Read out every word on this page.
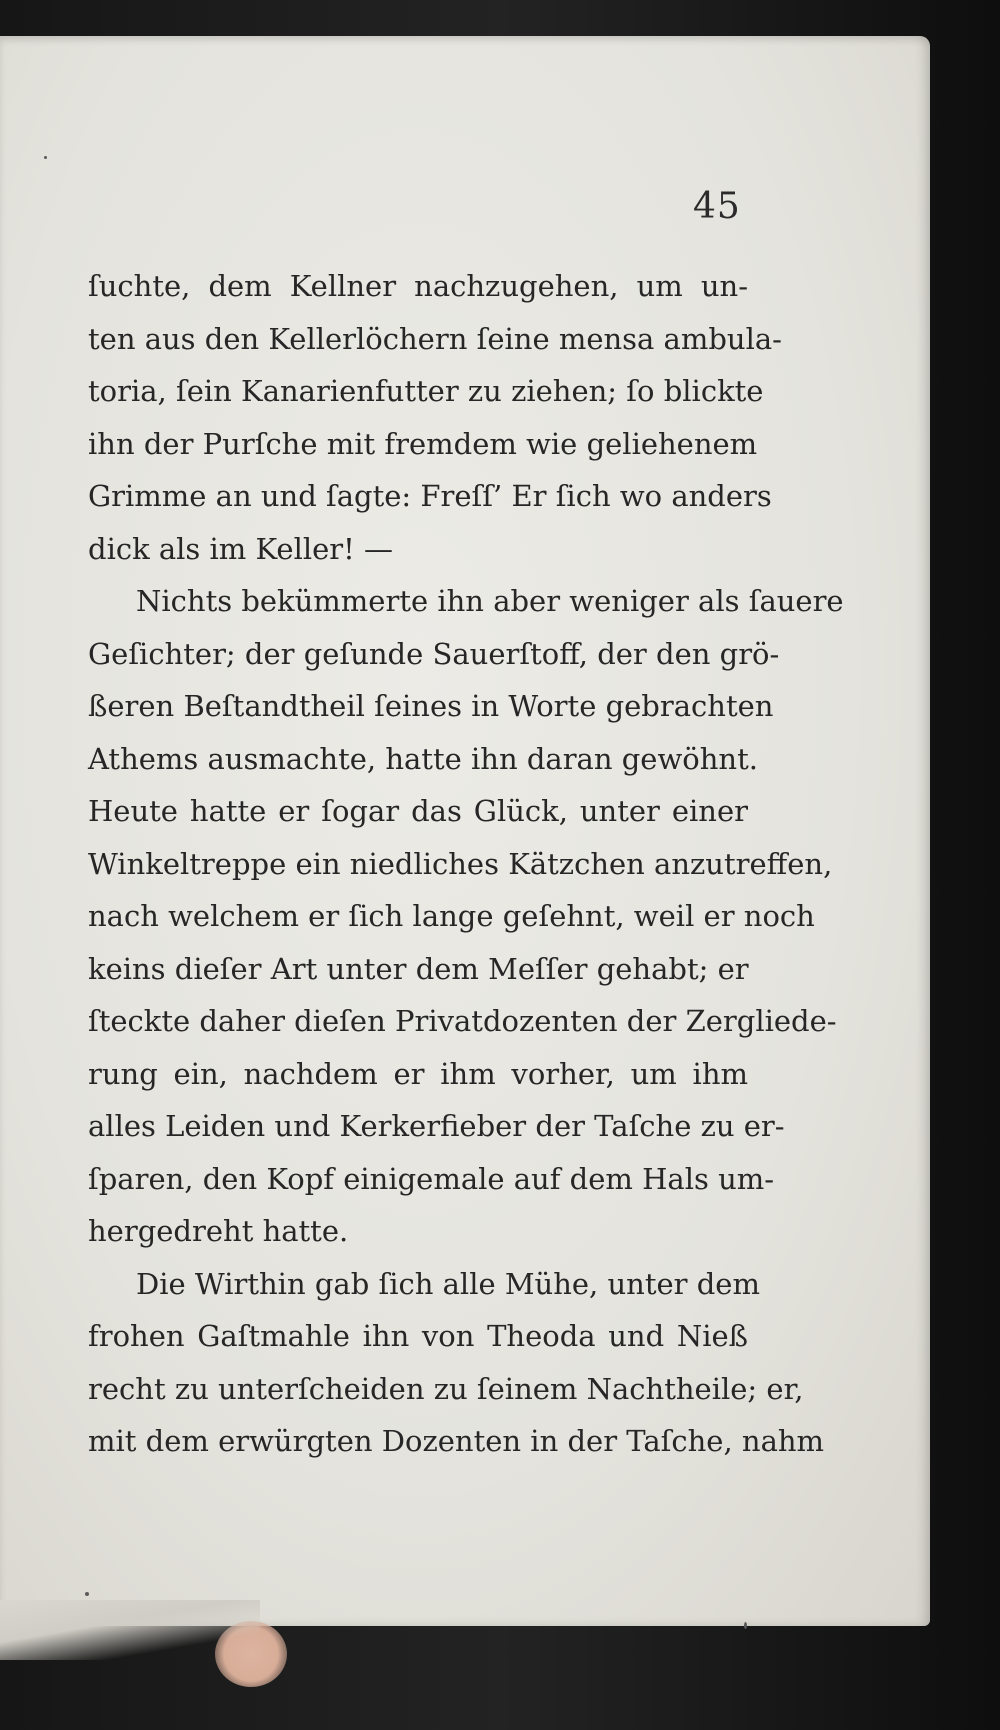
45
ſuchte, dem Kellner nachzugehen, um un-
ten aus den Kellerlöchern ſeine mensa ambula-
toria, ſein Kanarienfutter zu ziehen; ſo blickte
ihn der Purſche mit fremdem wie geliehenem
Grimme an und ſagte: Freſſ’ Er ſich wo anders
dick als im Keller! —
Nichts bekümmerte ihn aber weniger als ſauere
Geſichter; der geſunde Sauerſtoff, der den grö-
ßeren Beſtandtheil ſeines in Worte gebrachten
Athems ausmachte, hatte ihn daran gewöhnt.
Heute hatte er ſogar das Glück, unter einer
Winkeltreppe ein niedliches Kätzchen anzutreffen,
nach welchem er ſich lange geſehnt, weil er noch
keins dieſer Art unter dem Meſſer gehabt; er
ſteckte daher dieſen Privatdozenten der Zergliede-
rung ein, nachdem er ihm vorher, um ihm
alles Leiden und Kerkerfieber der Taſche zu er-
ſparen, den Kopf einigemale auf dem Hals um-
hergedreht hatte.
Die Wirthin gab ſich alle Mühe, unter dem
frohen Gaſtmahle ihn von Theoda und Nieß
recht zu unterſcheiden zu ſeinem Nachtheile; er,
mit dem erwürgten Dozenten in der Taſche, nahm
